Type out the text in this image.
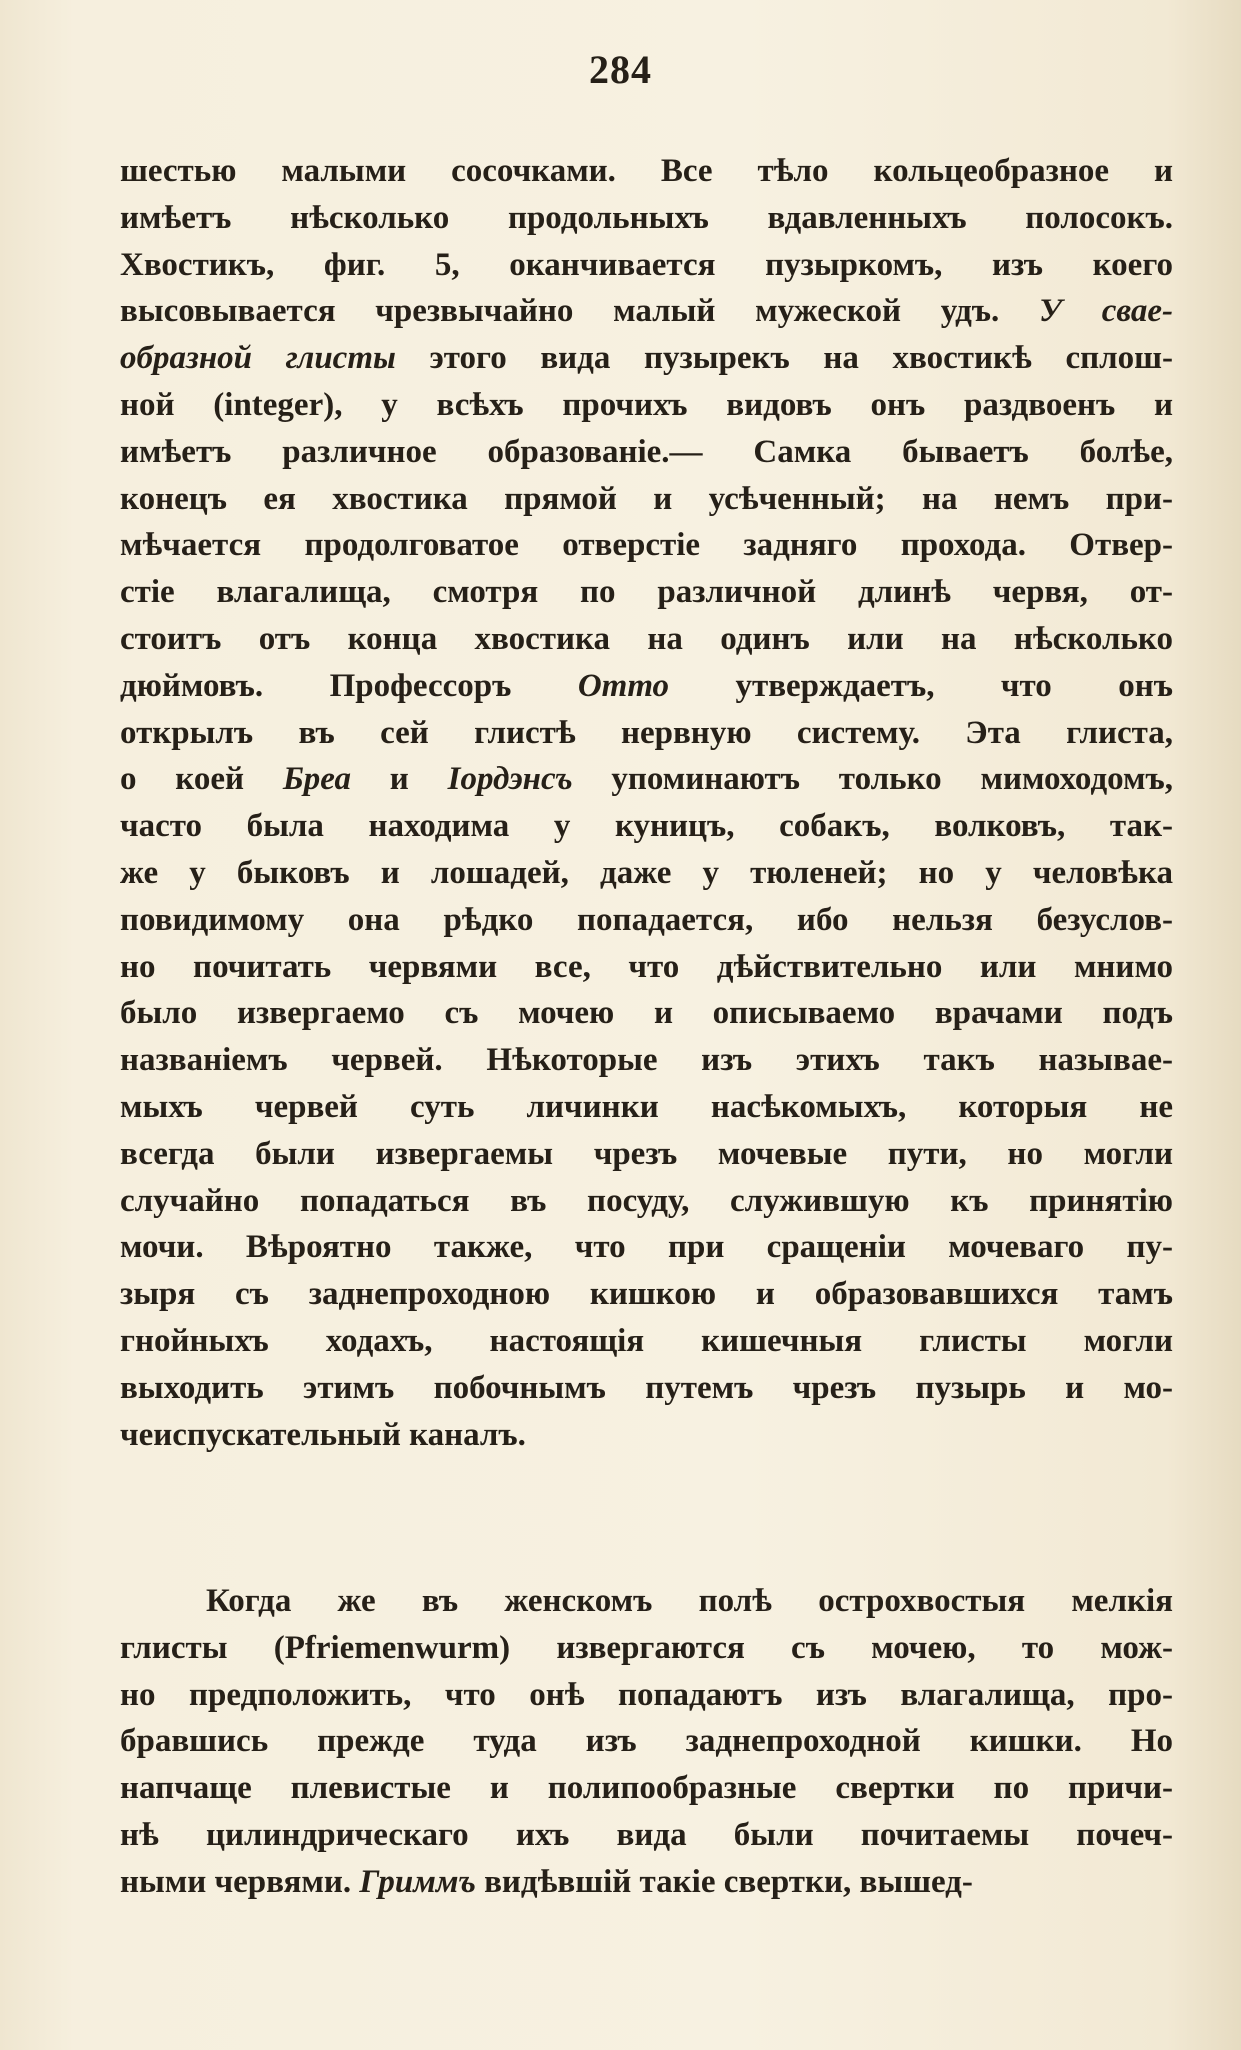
284
шестью малыми сосочками. Все тѣло кольцеобразное и
имѣетъ нѣсколько продольныхъ вдавленныхъ полосокъ.
Хвостикъ, фиг. 5, оканчивается пузыркомъ, изъ коего
высовывается чрезвычайно малый мужеской удъ. У свае-
образной глисты этого вида пузырекъ на хвостикѣ сплош-
ной (integer), у всѣхъ прочихъ видовъ онъ раздвоенъ и
имѣетъ различное образованіе.— Самка бываетъ болѣе,
конецъ ея хвостика прямой и усѣченный; на немъ при-
мѣчается продолговатое отверстіе задняго прохода. Отвер-
стіе влагалища, смотря по различной длинѣ червя, от-
стоитъ отъ конца хвостика на одинъ или на нѣсколько
дюймовъ. Профессоръ Отто утверждаетъ, что онъ
открылъ въ сей глистѣ нервную систему. Эта глиста,
о коей Бреа и Iордэнсъ упоминаютъ только мимоходомъ,
часто была находима у куницъ, собакъ, волковъ, так-
же у быковъ и лошадей, даже у тюленей; но у человѣка
повидимому она рѣдко попадается, ибо нельзя безуслов-
но почитать червями все, что дѣйствительно или мнимо
было извергаемо съ мочею и описываемо врачами подъ
названіемъ червей. Нѣкоторые изъ этихъ такъ называе-
мыхъ червей суть личинки насѣкомыхъ, которыя не
всегда были извергаемы чрезъ мочевые пути, но могли
случайно попадаться въ посуду, служившую къ принятію
мочи. Вѣроятно также, что при сращеніи мочеваго пу-
зыря съ заднепроходною кишкою и образовавшихся тамъ
гнойныхъ ходахъ, настоящія кишечныя глисты могли
выходить этимъ побочнымъ путемъ чрезъ пузырь и мо-
чеиспускательный каналъ.
Когда же въ женскомъ полѣ острохвостыя мелкія
глисты (Pfriemenwurm) извергаются съ мочею, то мож-
но предположить, что онѣ попадаютъ изъ влагалища, про-
бравшись прежде туда изъ заднепроходной кишки. Но
напчаще плевистые и полипообразные свертки по причи-
нѣ цилиндрическаго ихъ вида были почитаемы почеч-
ными червями. Гриммъ видѣвшій такіе свертки, вышед-
